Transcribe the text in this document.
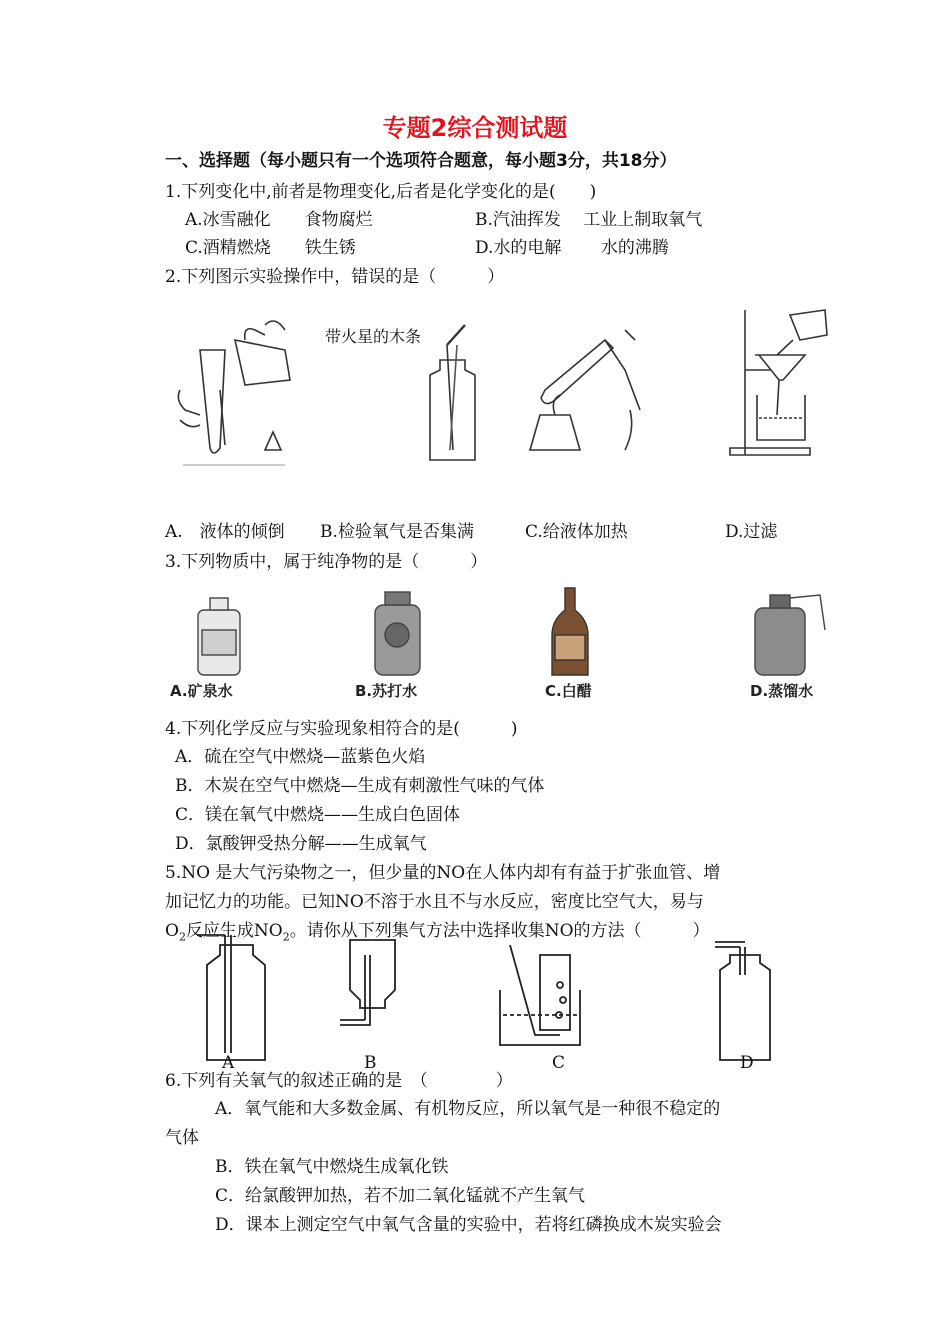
专题2综合测试题
一、选择题（每小题只有一个选项符合题意，每小题3分，共18分）
1.下列变化中,前者是物理变化,后者是化学变化的是(　　)
A.冰雪融化　　食物腐烂	B.汽油挥发　 工业上制取氧气
C.酒精燃烧　　铁生锈	D.水的电解　　 水的沸腾
2.下列图示实验操作中，错误的是（　　　）
带火星的木条
A.　液体的倾倒 B.检验氧气是否集满	C.给液体加热	D.过滤
3.下列物质中，属于纯净物的是（　　　）
A.矿泉水	B.苏打水	C.白醋	D.蒸馏水
4.下列化学反应与实验现象相符合的是(　　　)
A．硫在空气中燃烧—蓝紫色火焰
B．木炭在空气中燃烧—生成有刺激性气味的气体
C．镁在氧气中燃烧——生成白色固体
D．氯酸钾受热分解——生成氧气
5.NO 是大气污染物之一，但少量的NO在人体内却有有益于扩张血管、增
加记忆力的功能。已知NO不溶于水且不与水反应，密度比空气大，易与
$O_2$反应生成$NO_2$。请你从下列集气方法中选择收集NO的方法（　　　）
A	B	C	D
6.下列有关氧气的叙述正确的是　（　　　　）
A．氧气能和大多数金属、有机物反应，所以氧气是一种很不稳定的
气体
B．铁在氧气中燃烧生成氧化铁
C．给氯酸钾加热，若不加二氧化锰就不产生氧气
D．课本上测定空气中氧气含量的实验中，若将红磷换成木炭实验会
